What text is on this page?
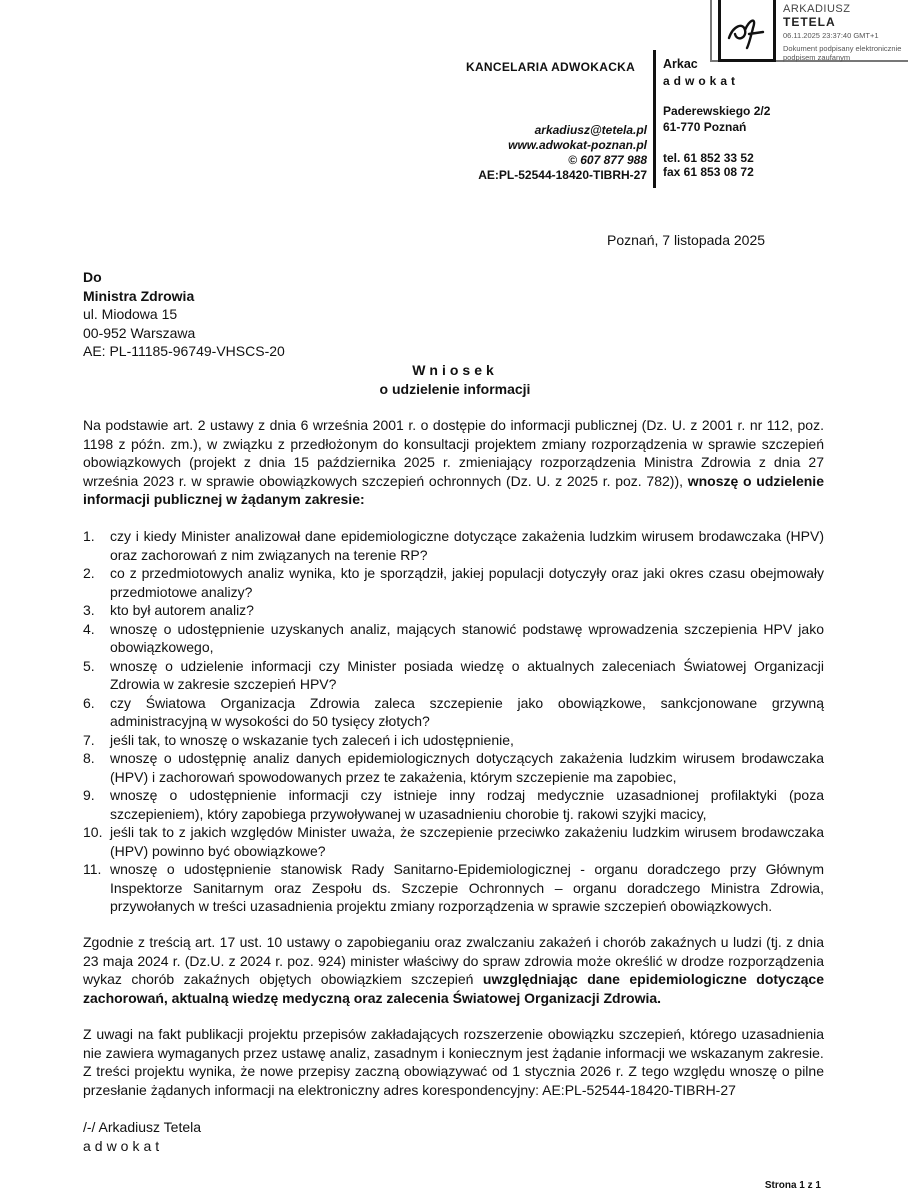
ARKADIUSZ
TETELA
06.11.2025 23:37:40 GMT+1
Dokument podpisany elektronicznie podpisem zaufanym
KANCELARIA ADWOKACKA Arkac
adwokat
Paderewskiego 2/2
61-770 Poznań
tel. 61 852 33 52
fax 61 853 08 72
arkadiusz@tetela.pl
www.adwokat-poznan.pl
© 607 877 988
AE:PL-52544-18420-TIBRH-27
Poznań, 7 listopada 2025
Do
Ministra Zdrowia
ul. Miodowa 15
00-952 Warszawa
AE: PL-11185-96749-VHSCS-20
Wniosek
o udzielenie informacji
Na podstawie art. 2 ustawy z dnia 6 września 2001 r. o dostępie do informacji publicznej (Dz. U. z 2001 r. nr 112, poz. 1198 z późn. zm.), w związku z przedłożonym do konsultacji projektem zmiany rozporządzenia w sprawie szczepień obowiązkowych (projekt z dnia 15 października 2025 r. zmieniający rozporządzenia Ministra Zdrowia z dnia 27 września 2023 r. w sprawie obowiązkowych szczepień ochronnych (Dz. U. z 2025 r. poz. 782)), wnoszę o udzielenie informacji publicznej w żądanym zakresie:
1. czy i kiedy Minister analizował dane epidemiologiczne dotyczące zakażenia ludzkim wirusem brodawczaka (HPV) oraz zachorowań z nim związanych na terenie RP?
2. co z przedmiotowych analiz wynika, kto je sporządził, jakiej populacji dotyczyły oraz jaki okres czasu obejmowały przedmiotowe analizy?
3. kto był autorem analiz?
4. wnoszę o udostępnienie uzyskanych analiz, mających stanowić podstawę wprowadzenia szczepienia HPV jako obowiązkowego,
5. wnoszę o udzielenie informacji czy Minister posiada wiedzę o aktualnych zaleceniach Światowej Organizacji Zdrowia w zakresie szczepień HPV?
6. czy Światowa Organizacja Zdrowia zaleca szczepienie jako obowiązkowe, sankcjonowane grzywną administracyjną w wysokości do 50 tysięcy złotych?
7. jeśli tak, to wnoszę o wskazanie tych zaleceń i ich udostępnienie,
8. wnoszę o udostępnię analiz danych epidemiologicznych dotyczących zakażenia ludzkim wirusem brodawczaka (HPV) i zachorowań spowodowanych przez te zakażenia, którym szczepienie ma zapobiec,
9. wnoszę o udostępnienie informacji czy istnieje inny rodzaj medycznie uzasadnionej profilaktyki (poza szczepieniem), który zapobiega przywoływanej w uzasadnieniu chorobie tj. rakowi szyjki macicy,
10. jeśli tak to z jakich względów Minister uważa, że szczepienie przeciwko zakażeniu ludzkim wirusem brodawczaka (HPV) powinno być obowiązkowe?
11. wnoszę o udostępnienie stanowisk Rady Sanitarno-Epidemiologicznej - organu doradczego przy Głównym Inspektorze Sanitarnym oraz Zespołu ds. Szczepie Ochronnych – organu doradczego Ministra Zdrowia, przywołanych w treści uzasadnienia projektu zmiany rozporządzenia w sprawie szczepień obowiązkowych.
Zgodnie z treścią art. 17 ust. 10 ustawy o zapobieganiu oraz zwalczaniu zakażeń i chorób zakaźnych u ludzi (tj. z dnia 23 maja 2024 r. (Dz.U. z 2024 r. poz. 924) minister właściwy do spraw zdrowia może określić w drodze rozporządzenia wykaz chorób zakaźnych objętych obowiązkiem szczepień uwzględniając dane epidemiologiczne dotyczące zachorowań, aktualną wiedzę medyczną oraz zalecenia Światowej Organizacji Zdrowia.
Z uwagi na fakt publikacji projektu przepisów zakładających rozszerzenie obowiązku szczepień, którego uzasadnienia nie zawiera wymaganych przez ustawę analiz, zasadnym i koniecznym jest żądanie informacji we wskazanym zakresie.
Z treści projektu wynika, że nowe przepisy zaczną obowiązywać od 1 stycznia 2026 r. Z tego względu wnoszę o pilne przesłanie żądanych informacji na elektroniczny adres korespondencyjny: AE:PL-52544-18420-TIBRH-27
/-/ Arkadiusz Tetela
adwokat
Strona 1 z 1
